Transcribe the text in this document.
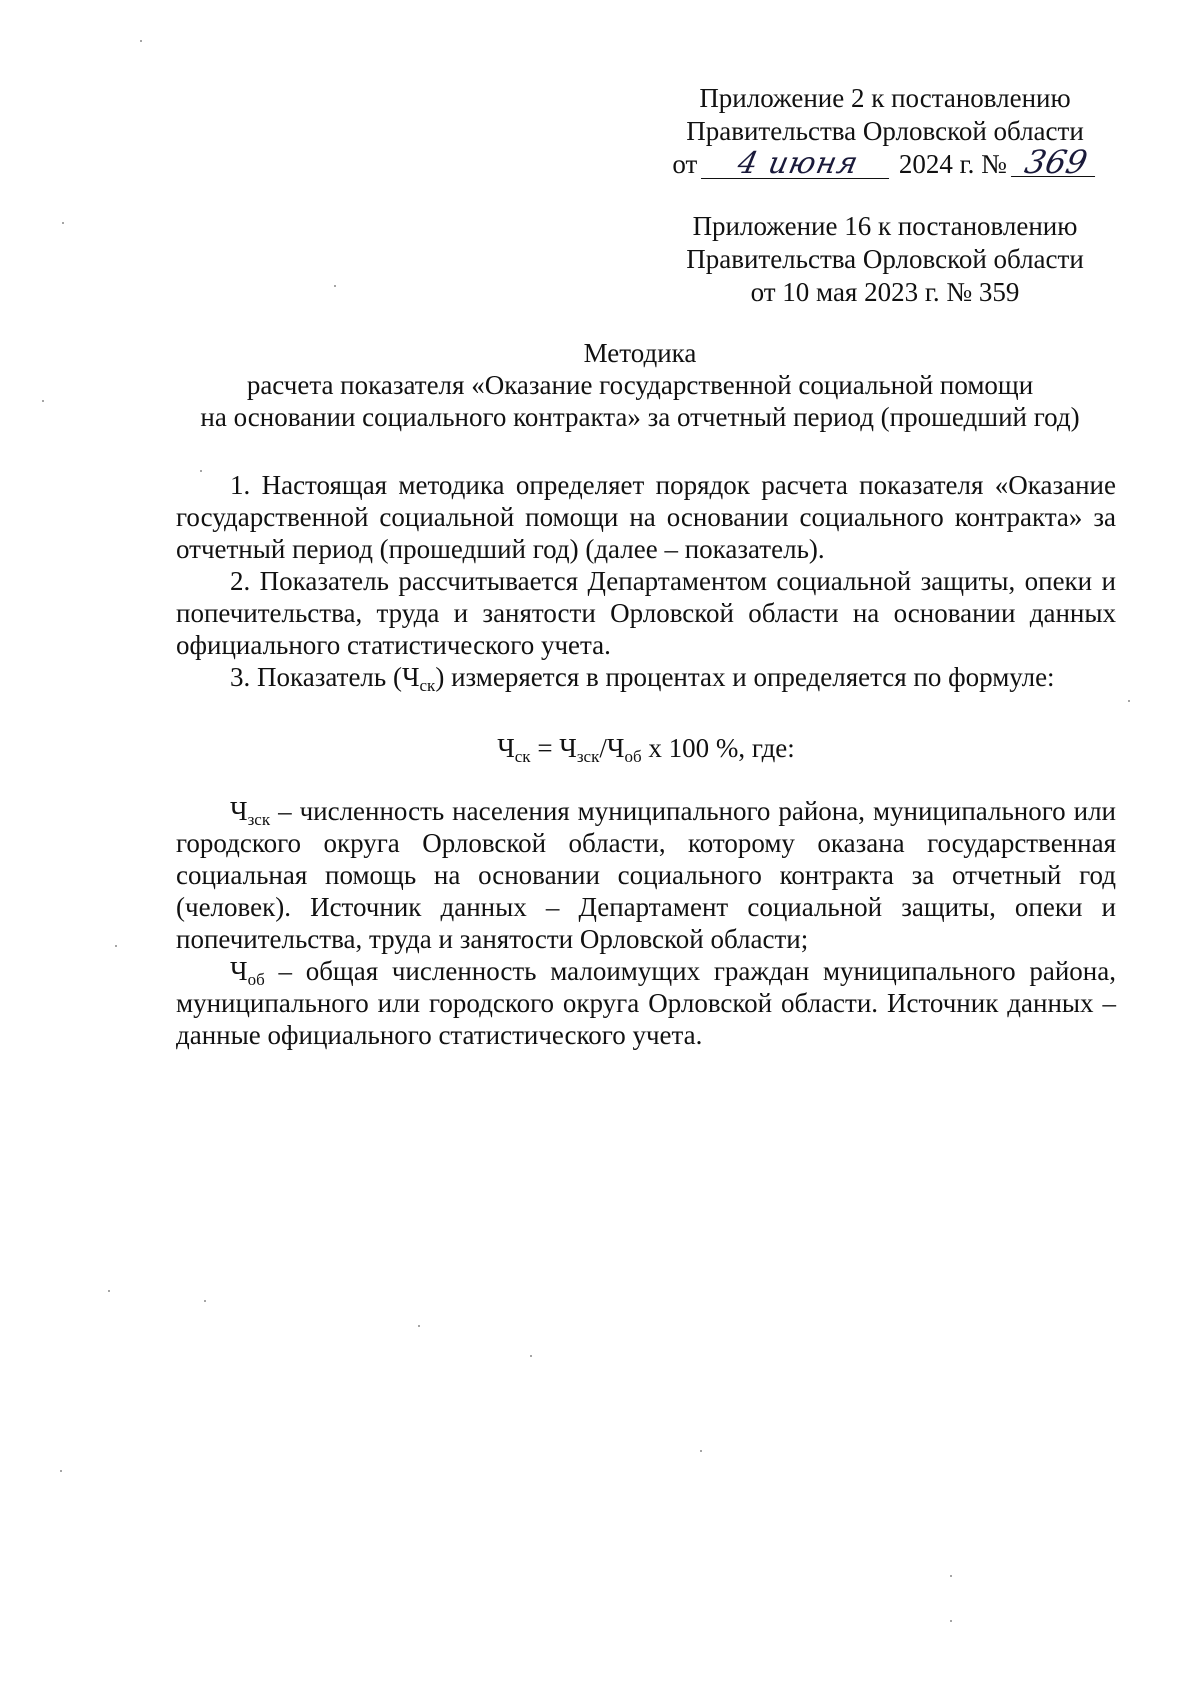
Приложение 2 к постановлению
Правительства Орловской области
от 4 июня 2024 г. № 369
Приложение 16 к постановлению
Правительства Орловской области
от 10 мая 2023 г. № 359
Методика
расчета показателя «Оказание государственной социальной помощи
на основании социального контракта» за отчетный период (прошедший год)

1. Настоящая методика определяет порядок расчета показателя «Оказание государственной социальной помощи на основании социального контракта» за отчетный период (прошедший год) (далее – показатель).

2. Показатель рассчитывается Департаментом социальной защиты, опеки и попечительства, труда и занятости Орловской области на основании данных официального статистического учета.

3. Показатель $(Ч_{ск})$ измеряется в процентах и определяется по формуле:

$Ч_{ск} = Ч_{зск}/Ч_{об}$ х 100 %, где:

$Ч_{зск}$ – численность населения муниципального района, муниципального или городского округа Орловской области, которому оказана государственная социальная помощь на основании социального контракта за отчетный год (человек). Источник данных – Департамент социальной защиты, опеки и попечительства, труда и занятости Орловской области;

$Ч_{об}$ – общая численность малоимущих граждан муниципального района, муниципального или городского округа Орловской области. Источник данных – данные официального статистического учета.
